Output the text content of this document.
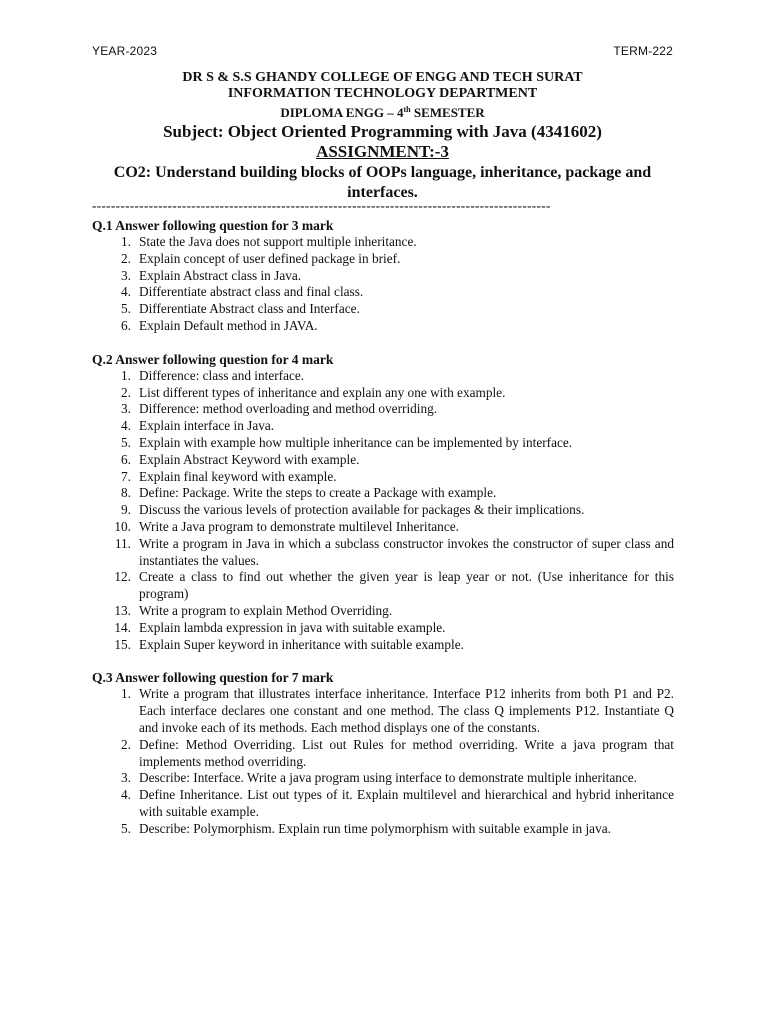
YEAR-2023	TERM-222
DR S & S.S GHANDY COLLEGE OF ENGG AND TECH SURAT
INFORMATION TECHNOLOGY DEPARTMENT
DIPLOMA ENGG – 4th SEMESTER
Subject: Object Oriented Programming with Java (4341602)
ASSIGNMENT:-3
CO2: Understand building blocks of OOPs language, inheritance, package and interfaces.
-------------------------------------------------------------------------------------------------
Q.1 Answer following question for 3 mark
1. State the Java does not support multiple inheritance.
2. Explain concept of user defined package in brief.
3. Explain Abstract class in Java.
4. Differentiate abstract class and final class.
5. Differentiate Abstract class and Interface.
6. Explain Default method in JAVA.
Q.2 Answer following question for 4 mark
1. Difference: class and interface.
2. List different types of inheritance and explain any one with example.
3. Difference: method overloading and method overriding.
4. Explain interface in Java.
5. Explain with example how multiple inheritance can be implemented by interface.
6. Explain Abstract Keyword with example.
7. Explain final keyword with example.
8. Define: Package. Write the steps to create a Package with example.
9. Discuss the various levels of protection available for packages & their implications.
10. Write a Java program to demonstrate multilevel Inheritance.
11. Write a program in Java in which a subclass constructor invokes the constructor of super class and instantiates the values.
12. Create a class to find out whether the given year is leap year or not. (Use inheritance for this program)
13. Write a program to explain Method Overriding.
14. Explain lambda expression in java with suitable example.
15. Explain Super keyword in inheritance with suitable example.
Q.3 Answer following question for 7 mark
1. Write a program that illustrates interface inheritance. Interface P12 inherits from both P1 and P2. Each interface declares one constant and one method. The class Q implements P12. Instantiate Q and invoke each of its methods. Each method displays one of the constants.
2. Define: Method Overriding. List out Rules for method overriding. Write a java program that implements method overriding.
3. Describe: Interface. Write a java program using interface to demonstrate multiple inheritance.
4. Define Inheritance. List out types of it. Explain multilevel and hierarchical and hybrid inheritance with suitable example.
5. Describe: Polymorphism. Explain run time polymorphism with suitable example in java.
